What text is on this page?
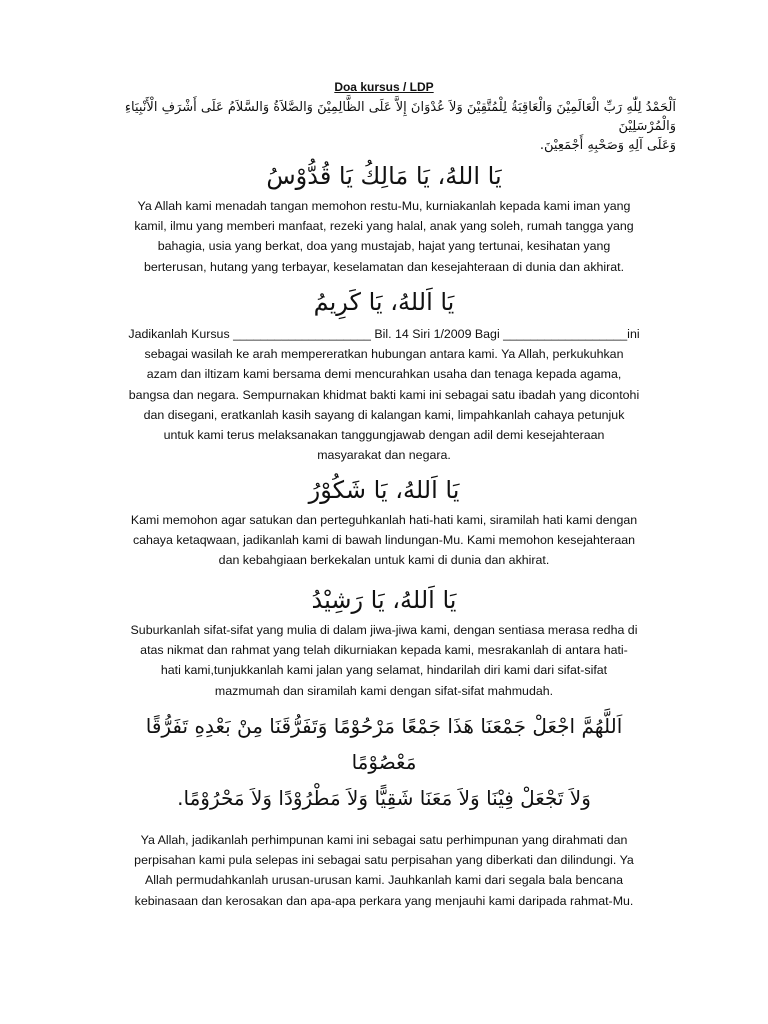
Doa kursus / LDP
اَلْحَمْدُ لِلّٰهِ رَبِّ الْعَالَمِيْنَ وَالْعَاقِبَةُ لِلْمُتَّقِيْنَ وَلاَ عُدْوَانَ إِلاَّ عَلَى الظَّالِمِيْنَ وَالصَّلاَةُ وَالسَّلاَمُ عَلَى أَشْرَفِ الْأَنْبِيَاءِ وَالْمُرْسَلِيْنَ
وَعَلَى آلِهِ وَصَحْبِهِ أَجْمَعِيْنَ.
يَا اللهُ، يَا مَالِكُ يَا قُدُّوْسُ
Ya Allah kami menadah tangan memohon restu-Mu, kurniakanlah kepada kami iman yang
kamil, ilmu yang memberi manfaat, rezeki yang halal, anak yang soleh, rumah tangga yang
bahagia, usia yang berkat, doa yang mustajab, hajat yang tertunai, kesihatan yang
berterusan, hutang yang terbayar, keselamatan dan kesejahteraan di dunia dan akhirat.
يَا اَللهُ، يَا كَرِيمُ
Jadikanlah Kursus ____________________ Bil. 14 Siri 1/2009 Bagi __________________ini
sebagai wasilah ke arah mempereratkan hubungan antara kami. Ya Allah, perkukuhkan
azam dan iltizam kami bersama demi mencurahkan usaha dan tenaga kepada agama,
bangsa dan negara. Sempurnakan khidmat bakti kami ini sebagai satu ibadah yang dicontohi
dan disegani, eratkanlah kasih sayang di kalangan kami, limpahkanlah cahaya petunjuk
untuk kami terus melaksanakan tanggungjawab dengan adil demi kesejahteraan
masyarakat dan negara.
يَا اَللهُ، يَا شَكُوْرُ
Kami memohon agar satukan dan perteguhkanlah hati-hati kami, siramilah hati kami dengan
cahaya ketaqwaan, jadikanlah kami di bawah lindungan-Mu. Kami memohon kesejahteraan
dan kebahgiaan berkekalan untuk kami di dunia dan akhirat.
يَا اَللهُ، يَا رَشِيْدُ
Suburkanlah sifat-sifat yang mulia di dalam jiwa-jiwa kami, dengan sentiasa merasa redha di
atas nikmat dan rahmat yang telah dikurniakan kepada kami, mesrakanlah di antara hati-
hati kami,tunjukkanlah kami jalan yang selamat, hindarilah diri kami dari sifat-sifat
mazmumah dan siramilah kami dengan sifat-sifat mahmudah.
اَللَّهُمَّ اجْعَلْ جَمْعَنَا هَذَا جَمْعًا مَرْحُوْمًا وَتَفَرُّقَنَا مِنْ بَعْدِهِ تَفَرُّقًا
مَعْصُوْمًا
وَلاَ تَجْعَلْ فِيْنَا وَلاَ مَعَنَا شَقِيًّا وَلاَ مَطْرُوْدًا وَلاَ مَحْرُوْمًا.
Ya Allah, jadikanlah perhimpunan kami ini sebagai satu perhimpunan yang dirahmati dan
perpisahan kami pula selepas ini sebagai satu perpisahan yang diberkati dan dilindungi. Ya
Allah permudahkanlah urusan-urusan kami. Jauhkanlah kami dari segala bala bencana
kebinasaan dan kerosakan dan apa-apa perkara yang menjauhi kami daripada rahmat-Mu.
